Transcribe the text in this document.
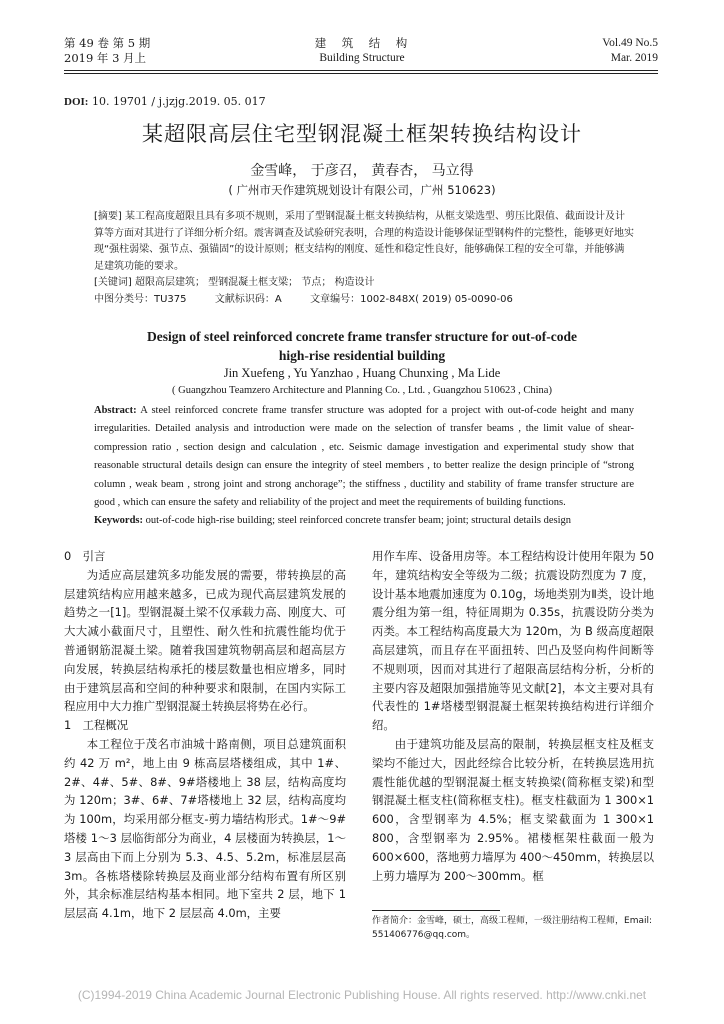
第 49 卷 第 5 期
2019 年 3 月上
建　筑　结　构
Building Structure
Vol.49 No.5
Mar. 2019
DOI: 10. 19701 / j.jzjg.2019. 05. 017
某超限高层住宅型钢混凝土框架转换结构设计
金雪峰， 于彦召， 黄春杏， 马立得
( 广州市天作建筑规划设计有限公司，广州 510623)

[摘要] 某工程高度超限且具有多项不规则，采用了型钢混凝土框支转换结构，从框支梁选型、剪压比限值、截面设计及计算等方面对其进行了详细分析介绍。震害调查及试验研究表明，合理的构造设计能够保证型钢构件的完整性，能够更好地实现“强柱弱梁、强节点、强锚固”的设计原则；框支结构的刚度、延性和稳定性良好，能够确保工程的安全可靠，并能够满足建筑功能的要求。

[关键词] 超限高层建筑； 型钢混凝土框支梁； 节点； 构造设计

中图分类号：TU375	文献标识码：A	文章编号：1002-848X( 2019) 05-0090-06

Design of steel reinforced concrete frame transfer structure for out-of-code
high-rise residential building
Jin Xuefeng , Yu Yanzhao , Huang Chunxing , Ma Lide
( Guangzhou Teamzero Architecture and Planning Co. , Ltd. , Guangzhou 510623 , China)

Abstract: A steel reinforced concrete frame transfer structure was adopted for a project with out-of-code height and many irregularities. Detailed analysis and introduction were made on the selection of transfer beams , the limit value of shear-compression ratio , section design and calculation , etc. Seismic damage investigation and experimental study show that reasonable structural details design can ensure the integrity of steel members , to better realize the design principle of “strong column , weak beam , strong joint and strong anchorage”; the stiffness , ductility and stability of frame transfer structure are good , which can ensure the safety and reliability of the project and meet the requirements of building functions.

Keywords: out-of-code high-rise building; steel reinforced concrete transfer beam; joint; structural details design

0　引言

为适应高层建筑多功能发展的需要，带转换层的高层建筑结构应用越来越多，已成为现代高层建筑发展的趋势之一[1]。型钢混凝土梁不仅承载力高、刚度大、可大大减小截面尺寸，且塑性、耐久性和抗震性能均优于普通钢筋混凝土梁。随着我国建筑物朝高层和超高层方向发展，转换层结构承托的楼层数量也相应增多，同时由于建筑层高和空间的种种要求和限制，在国内实际工程应用中大力推广型钢混凝土转换层将势在必行。

1　工程概况

本工程位于茂名市油城十路南侧，项目总建筑面积约 42 万 m²，地上由 9 栋高层塔楼组成，其中 1#、2#、4#、5#、8#、9#塔楼地上 38 层，结构高度均为 120m；3#、6#、7#塔楼地上 32 层，结构高度均为 100m，均采用部分框支-剪力墙结构形式。1#～9#塔楼 1～3 层临街部分为商业，4 层楼面为转换层，1～3 层高由下而上分别为 5.3、4.5、5.2m，标准层层高 3m。各栋塔楼除转换层及商业部分结构布置有所区别外，其余标准层结构基本相同。地下室共 2 层，地下 1 层层高 4.1m，地下 2 层层高 4.0m，主要

用作车库、设备用房等。本工程结构设计使用年限为 50 年，建筑结构安全等级为二级；抗震设防烈度为 7 度，设计基本地震加速度为 0.10g，场地类别为Ⅱ类，设计地震分组为第一组，特征周期为 0.35s，抗震设防分类为丙类。本工程结构高度最大为 120m，为 B 级高度超限高层建筑，而且存在平面扭转、凹凸及竖向构件间断等不规则项，因而对其进行了超限高层结构分析，分析的主要内容及超限加强措施等见文献[2]，本文主要对具有代表性的 1#塔楼型钢混凝土框架转换结构进行详细介绍。

由于建筑功能及层高的限制，转换层框支柱及框支梁均不能过大，因此经综合比较分析，在转换层选用抗震性能优越的型钢混凝土框支转换梁(简称框支梁)和型钢混凝土框支柱(简称框支柱)。框支柱截面为 1 300×1 600，含型钢率为 4.5%；框支梁截面为 1 300×1 800，含型钢率为 2.95%。裙楼框架柱截面一般为 600×600，落地剪力墙厚为 400～450mm，转换层以上剪力墙厚为 200～300mm。框

作者简介：金雪峰，硕士，高级工程师，一级注册结构工程师，Email: 551406776@qq.com。
(C)1994-2019 China Academic Journal Electronic Publishing House. All rights reserved. http://www.cnki.net
